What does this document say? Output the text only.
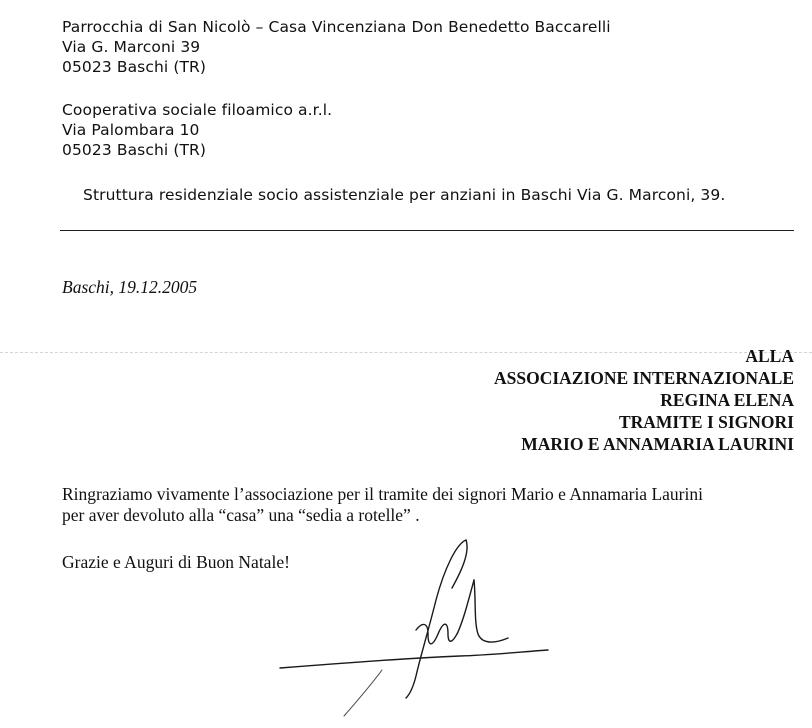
Parrocchia di San Nicolò – Casa Vincenziana Don Benedetto Baccarelli
Via G. Marconi 39
05023 Baschi (TR)
Cooperativa sociale filoamico a.r.l.
Via Palombara 10
05023 Baschi (TR)
Struttura residenziale socio assistenziale per anziani in Baschi Via G. Marconi, 39.
Baschi, 19.12.2005
ALLA
ASSOCIAZIONE INTERNAZIONALE
REGINA ELENA
TRAMITE I SIGNORI
MARIO E ANNAMARIA LAURINI
Ringraziamo vivamente l’associazione per il tramite dei signori Mario e Annamaria Laurini
per aver devoluto alla “casa” una “sedia a rotelle” .
Grazie e Auguri di Buon Natale!
